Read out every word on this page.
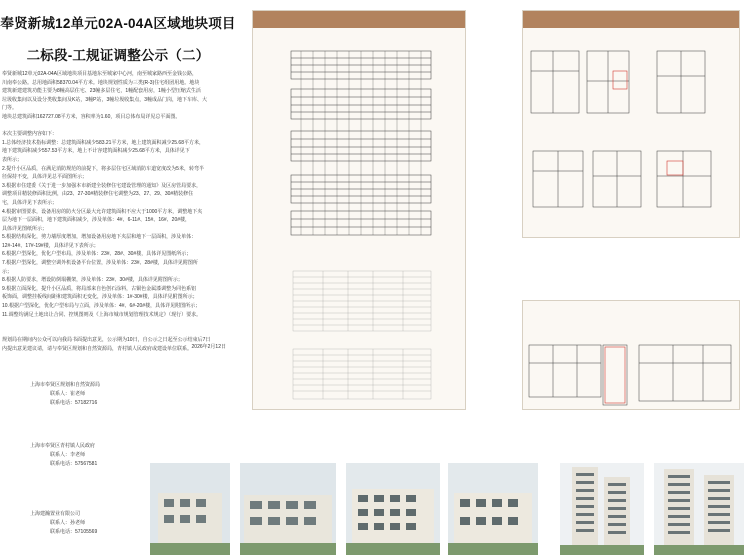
奉贤新城12单元02A-04A区域地块项目
二标段-工规证调整公示（二）

奉贤新城12单元02A-04A区域地块项目基地东至城家中心河，南至城家路西至金钱公路，

川南奉公路。总用地面积58370.04平方米。地块规划性质为三类(R-3)住宅组团用地。地块

建筑新建建筑功能主要为8幢高层住宅、23幢多层住宅，1幢配套用房，1幢小型压缩式生活

垃圾收集间以及设分类收集间及K站，3幢P站，3幢垃圾收集点，3幢成品门岗，地下车库、大

门等。

地块总建筑面积162727.08平方米，容积率为1.60，项目总体布局详见总平面图。

本次主要调整内容如下：

1.总体经济技术指标调整：总建筑面积减少583.21平方米，地上建筑面积减少25.68平方米，

地下建筑面积减少557.53平方米，地上不计容建筑面积减少25.68平方米，具体详见下

表所示；

2.提升小区品质，在满足消防规范的前提下，将多层住宅区域消防车道宽度改为5米，转弯半

径保持不变，具体详见总平面图所示；

3.根据市住建委《关于进一步加强本市新建全装修住宅建设管理的通知》及区房管局要求，

调整项目精装修面积比例，由23、27-30#精装修住宅调整为23、27、29、30#精装修住

宅，具体详见下表所示；

4.根据审图要求，设备用房的防火分区最大允许建筑面积不应大于1000平方米，调整地下夹

层为地下一层面积，地下建筑面积减少，涉及单体：4#、6-11#、15#、16#、20#楼，

具体详见图纸所示；

5.根据结构深化，剪力墙厚度增加，增加设备用房地下夹层和地下一层面积，涉及单体：

12#-14#、17#-19#楼，具体详见下表所示；

6.根据户型深化，优化户型布局，涉及单体：23#、28#、30#楼，具体详见图纸所示；

7.根据户型深化，调整空调外机设备平台位置，涉及单体：23#、28#楼，具体详见附图所

示；

8.根据人防要求，增设防倒塌棚架，涉及单体：23#、30#楼，具体详见附图所示；

9.根据立面深化，提升小区品质，将局部来自色创石涂料，古铜色金属漆调整为同色系铝

板饰面，调整挂板线间距和建筑面积无变化，涉及单体：1#-30#楼，具体详见附图所示；

10.根据户型深化，优化户型布局与立面，涉及单体：4#、6#-20#楼，具体详见附图所示；

11.调整均满足土地出让合同、控规图则及《上海市城市规划管理技术规定》（现行）要求。

规划局在期间内公众可以向我局书面提出意见，公示期为10日，自公示之日起至公示结束后7日

内提出意见建议请，请与奉贤区规划和自然资源局，青村镇人民政府或建设单位联系。 2026年2月12日
上海市奉贤区规划和自然资源局
联系人：崔老师
联系电话：57182716
上海市奉贤区青村镇人民政府
联系人：李老师
联系电话：57567581
上海建瀚置业有限公司
联系人：孙老师
联系电话：57105569
